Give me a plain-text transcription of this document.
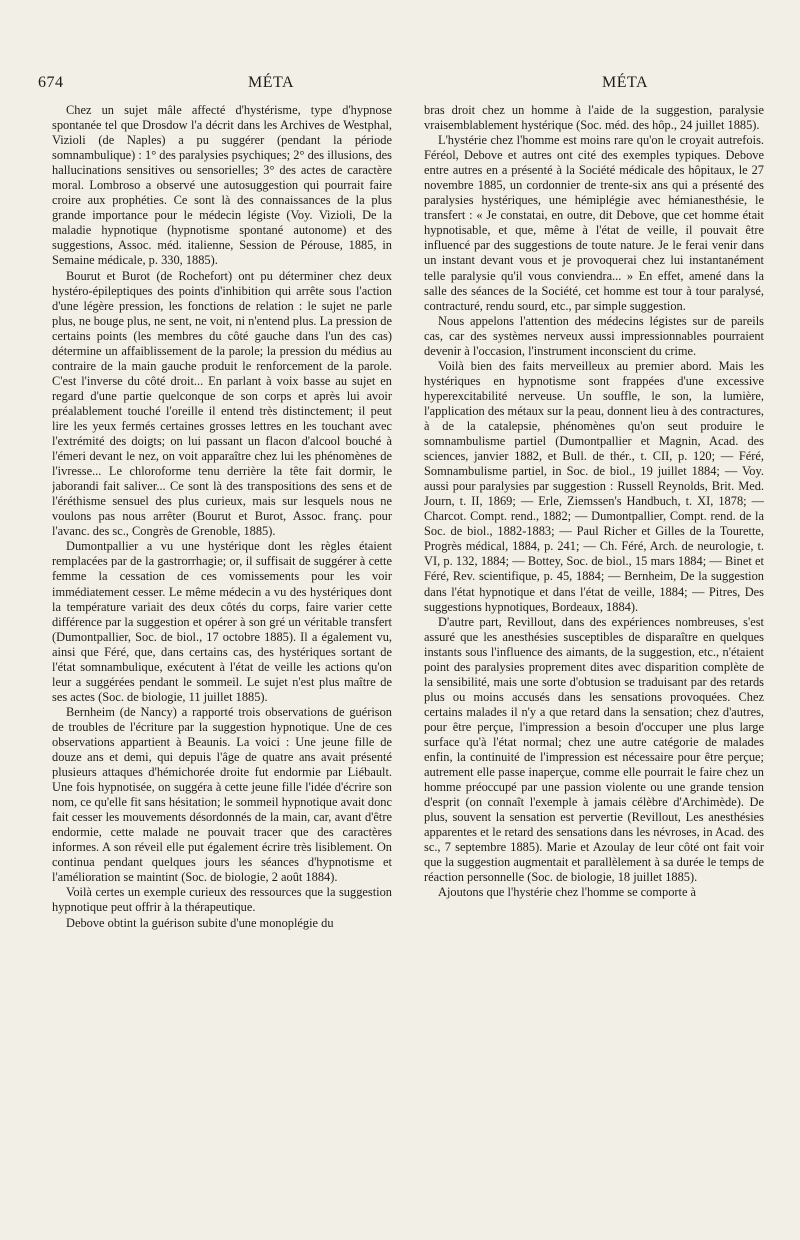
674	MÉTA	MÉTA

Chez un sujet mâle affecté d'hystérisme, type d'hypnose spontanée tel que Drosdow l'a décrit dans les Archives de Westphal, Vizioli (de Naples) a pu suggérer (pendant la période somnambulique) : 1° des paralysies psychiques; 2° des illusions, des hallucinations sensitives ou sensorielles; 3° des actes de caractère moral. Lombroso a observé une autosuggestion qui pourrait faire croire aux prophéties. Ce sont là des connaissances de la plus grande importance pour le médecin légiste (Voy. Vizioli, De la maladie hypnotique (hypnotisme spontané autonome) et des suggestions, Assoc. méd. italienne, Session de Pérouse, 1885, in Semaine médicale, p. 330, 1885).

Bourut et Burot (de Rochefort) ont pu déterminer chez deux hystéro-épileptiques des points d'inhibition qui arrête sous l'action d'une légère pression, les fonctions de relation : le sujet ne parle plus, ne bouge plus, ne sent, ne voit, ni n'entend plus. La pression de certains points (les membres du côté gauche dans l'un des cas) détermine un affaiblissement de la parole; la pression du médius au contraire de la main gauche produit le renforcement de la parole. C'est l'inverse du côté droit... En parlant à voix basse au sujet en regard d'une partie quelconque de son corps et après lui avoir préalablement touché l'oreille il entend très distinctement; il peut lire les yeux fermés certaines grosses lettres en les touchant avec l'extrémité des doigts; on lui passant un flacon d'alcool bouché à l'émeri devant le nez, on voit apparaître chez lui les phénomènes de l'ivresse... Le chloroforme tenu derrière la tête fait dormir, le jaborandi fait saliver... Ce sont là des transpositions des sens et de l'éréthisme sensuel des plus curieux, mais sur lesquels nous ne voulons pas nous arrêter (Bourut et Burot, Assoc. franç. pour l'avanc. des sc., Congrès de Grenoble, 1885).

Dumontpallier a vu une hystérique dont les règles étaient remplacées par de la gastrorrhagie; or, il suffisait de suggérer à cette femme la cessation de ces vomissements pour les voir immédiatement cesser. Le même médecin a vu des hystériques dont la température variait des deux côtés du corps, faire varier cette différence par la suggestion et opérer à son gré un véritable transfert (Dumontpallier, Soc. de biol., 17 octobre 1885). Il a également vu, ainsi que Féré, que, dans certains cas, des hystériques sortant de l'état somnambulique, exécutent à l'état de veille les actions qu'on leur a suggérées pendant le sommeil. Le sujet n'est plus maître de ses actes (Soc. de biologie, 11 juillet 1885).

Bernheim (de Nancy) a rapporté trois observations de guérison de troubles de l'écriture par la suggestion hypnotique. Une de ces observations appartient à Beaunis. La voici : Une jeune fille de douze ans et demi, qui depuis l'âge de quatre ans avait présenté plusieurs attaques d'hémichorée droite fut endormie par Liébault. Une fois hypnotisée, on suggéra à cette jeune fille l'idée d'écrire son nom, ce qu'elle fit sans hésitation; le sommeil hypnotique avait donc fait cesser les mouvements désordonnés de la main, car, avant d'être endormie, cette malade ne pouvait tracer que des caractères informes. A son réveil elle put également écrire très lisiblement. On continua pendant quelques jours les séances d'hypnotisme et l'amélioration se maintint (Soc. de biologie, 2 août 1884).

Voilà certes un exemple curieux des ressources que la suggestion hypnotique peut offrir à la thérapeutique.

Debove obtint la guérison subite d'une monoplégie du

bras droit chez un homme à l'aide de la suggestion, paralysie vraisemblablement hystérique (Soc. méd. des hôp., 24 juillet 1885).

L'hystérie chez l'homme est moins rare qu'on le croyait autrefois. Féréol, Debove et autres ont cité des exemples typiques. Debove entre autres en a présenté à la Société médicale des hôpitaux, le 27 novembre 1885, un cordonnier de trente-six ans qui a présenté des paralysies hystériques, une hémiplégie avec hémianesthésie, le transfert : « Je constatai, en outre, dit Debove, que cet homme était hypnotisable, et que, même à l'état de veille, il pouvait être influencé par des suggestions de toute nature. Je le ferai venir dans un instant devant vous et je provoquerai chez lui instantanément telle paralysie qu'il vous conviendra... » En effet, amené dans la salle des séances de la Société, cet homme est tour à tour paralysé, contracturé, rendu sourd, etc., par simple suggestion.

Nous appelons l'attention des médecins légistes sur de pareils cas, car des systèmes nerveux aussi impressionnables pourraient devenir à l'occasion, l'instrument inconscient du crime.

Voilà bien des faits merveilleux au premier abord. Mais les hystériques en hypnotisme sont frappées d'une excessive hyperexcitabilité nerveuse. Un souffle, le son, la lumière, l'application des métaux sur la peau, donnent lieu à des contractures, à de la catalepsie, phénomènes qu'on seut produire le somnambulisme partiel (Dumontpallier et Magnin, Acad. des sciences, janvier 1882, et Bull. de thér., t. CII, p. 120; — Féré, Somnambulisme partiel, in Soc. de biol., 19 juillet 1884; — Voy. aussi pour paralysies par suggestion : Russell Reynolds, Brit. Med. Journ, t. II, 1869; — Erle, Ziemssen's Handbuch, t. XI, 1878; — Charcot. Compt. rend., 1882; — Dumontpallier, Compt. rend. de la Soc. de biol., 1882-1883; — Paul Richer et Gilles de la Tourette, Progrès médical, 1884, p. 241; — Ch. Féré, Arch. de neurologie, t. VI, p. 132, 1884; — Bottey, Soc. de biol., 15 mars 1884; — Binet et Féré, Rev. scientifique, p. 45, 1884; — Bernheim, De la suggestion dans l'état hypnotique et dans l'état de veille, 1884; — Pitres, Des suggestions hypnotiques, Bordeaux, 1884).

D'autre part, Revillout, dans des expériences nombreuses, s'est assuré que les anesthésies susceptibles de disparaître en quelques instants sous l'influence des aimants, de la suggestion, etc., n'étaient point des paralysies proprement dites avec disparition complète de la sensibilité, mais une sorte d'obtusion se traduisant par des retards plus ou moins accusés dans les sensations provoquées. Chez certains malades il n'y a que retard dans la sensation; chez d'autres, pour être perçue, l'impression a besoin d'occuper une plus large surface qu'à l'état normal; chez une autre catégorie de malades enfin, la continuité de l'impression est nécessaire pour être perçue; autrement elle passe inaperçue, comme elle pourrait le faire chez un homme préoccupé par une passion violente ou une grande tension d'esprit (on connaît l'exemple à jamais célèbre d'Archimède). De plus, souvent la sensation est pervertie (Revillout, Les anesthésies apparentes et le retard des sensations dans les névroses, in Acad. des sc., 7 septembre 1885). Marie et Azoulay de leur côté ont fait voir que la suggestion augmentait et parallèlement à sa durée le temps de réaction personnelle (Soc. de biologie, 18 juillet 1885).

Ajoutons que l'hystérie chez l'homme se comporte à
